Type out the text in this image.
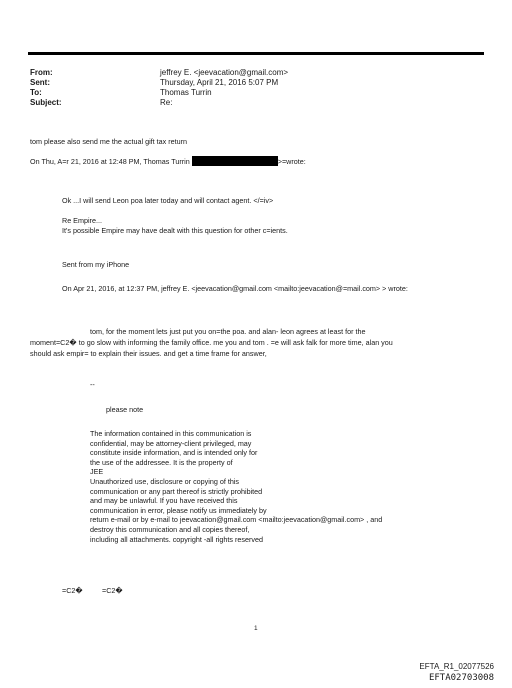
From:	jeffrey E. <jeevacation@gmail.com>
Sent:	Thursday, April 21, 2016 5:07 PM
To:	Thomas Turrin
Subject:	Re:
tom please also send me the actual gift tax return
On Thu, A=r 21, 2016 at 12:48 PM, Thomas Turrin	>=wrote:
Ok ...I will send Leon poa later today and will contact agent. </=iv>
Re Empire...
It's possible Empire may have dealt with this question for other c=ients.
Sent from my iPhone
On Apr 21, 2016, at 12:37 PM, jeffrey E. <jeevacation@gmail.com <mailto:jeevacation@=mail.com> > wrote:
tom, for the moment lets just put you on=the poa. and alan- leon agrees at least for the
moment=C2� to go slow with informing the family office. me you and tom . =e will ask falk for more time, alan you
should ask empir= to explain their issues. and get a time frame for answer,
--
please note
The information contained in this communication is
confidential, may be attorney-client privileged, may
constitute inside information, and is intended only for
the use of the addressee. It is the property of
JEE
Unauthorized use, disclosure or copying of this
communication or any part thereof is strictly prohibited
and may be unlawful. If you have received this
communication in error, please notify us immediately by
return e-mail or by e-mail to jeevacation@gmail.com <mailto:jeevacation@gmail.com> , and
destroy this communication and all copies thereof,
including all attachments. copyright -all rights reserved
=C2�	=C2�
1
EFTA_R1_02077526
EFTA02703008
